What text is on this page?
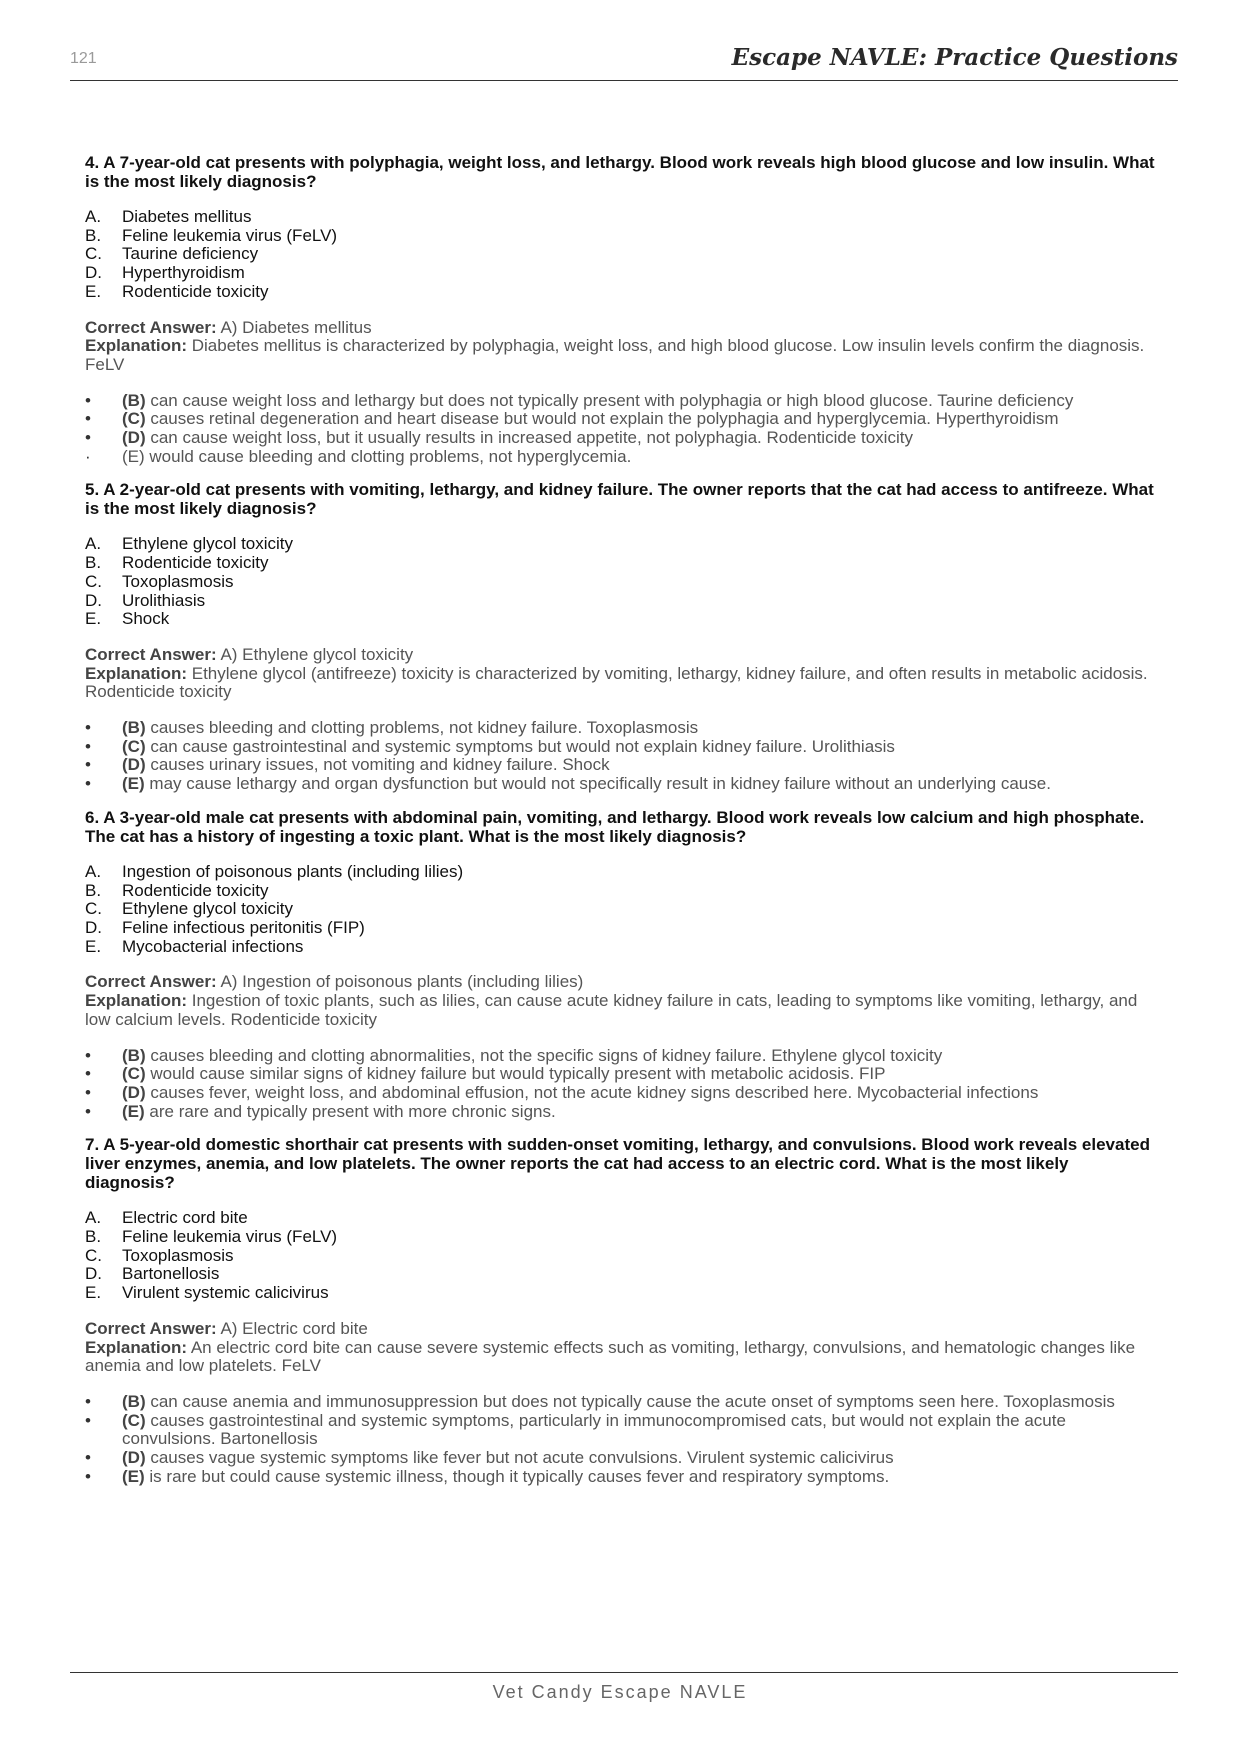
121	Escape NAVLE: Practice Questions

4. A 7-year-old cat presents with polyphagia, weight loss, and lethargy. Blood work reveals high blood glucose and low insulin. What is the most likely diagnosis?

A.	Diabetes mellitus
B.	Feline leukemia virus (FeLV)
C.	Taurine deficiency
D.	Hyperthyroidism
E.	Rodenticide toxicity
Correct Answer: A) Diabetes mellitus
Explanation: Diabetes mellitus is characterized by polyphagia, weight loss, and high blood glucose. Low insulin levels confirm the diagnosis. FeLV
•	(B) can cause weight loss and lethargy but does not typically present with polyphagia or high blood glucose. Taurine deficiency
•	(C) causes retinal degeneration and heart disease but would not explain the polyphagia and hyperglycemia. Hyperthyroidism
•	(D) can cause weight loss, but it usually results in increased appetite, not polyphagia. Rodenticide toxicity
·	(E) would cause bleeding and clotting problems, not hyperglycemia.

5. A 2-year-old cat presents with vomiting, lethargy, and kidney failure. The owner reports that the cat had access to antifreeze. What is the most likely diagnosis?

A.	Ethylene glycol toxicity
B.	Rodenticide toxicity
C.	Toxoplasmosis
D.	Urolithiasis
E.	Shock
Correct Answer: A) Ethylene glycol toxicity
Explanation: Ethylene glycol (antifreeze) toxicity is characterized by vomiting, lethargy, kidney failure, and often results in metabolic acidosis. Rodenticide toxicity
•	(B) causes bleeding and clotting problems, not kidney failure. Toxoplasmosis
•	(C) can cause gastrointestinal and systemic symptoms but would not explain kidney failure. Urolithiasis
•	(D) causes urinary issues, not vomiting and kidney failure. Shock
•	(E) may cause lethargy and organ dysfunction but would not specifically result in kidney failure without an underlying cause.

6. A 3-year-old male cat presents with abdominal pain, vomiting, and lethargy. Blood work reveals low calcium and high phosphate. The cat has a history of ingesting a toxic plant. What is the most likely diagnosis?

A.	Ingestion of poisonous plants (including lilies)
B.	Rodenticide toxicity
C.	Ethylene glycol toxicity
D.	Feline infectious peritonitis (FIP)
E.	Mycobacterial infections
Correct Answer: A) Ingestion of poisonous plants (including lilies)
Explanation: Ingestion of toxic plants, such as lilies, can cause acute kidney failure in cats, leading to symptoms like vomiting, lethargy, and low calcium levels. Rodenticide toxicity
•	(B) causes bleeding and clotting abnormalities, not the specific signs of kidney failure. Ethylene glycol toxicity
•	(C) would cause similar signs of kidney failure but would typically present with metabolic acidosis. FIP
•	(D) causes fever, weight loss, and abdominal effusion, not the acute kidney signs described here. Mycobacterial infections
•	(E) are rare and typically present with more chronic signs.

7. A 5-year-old domestic shorthair cat presents with sudden-onset vomiting, lethargy, and convulsions. Blood work reveals elevated liver enzymes, anemia, and low platelets. The owner reports the cat had access to an electric cord. What is the most likely diagnosis?

A.	Electric cord bite
B.	Feline leukemia virus (FeLV)
C.	Toxoplasmosis
D.	Bartonellosis
E.	Virulent systemic calicivirus
Correct Answer: A) Electric cord bite
Explanation: An electric cord bite can cause severe systemic effects such as vomiting, lethargy, convulsions, and hematologic changes like anemia and low platelets. FeLV
•	(B) can cause anemia and immunosuppression but does not typically cause the acute onset of symptoms seen here. Toxoplasmosis
•	(C) causes gastrointestinal and systemic symptoms, particularly in immunocompromised cats, but would not explain the acute convulsions. Bartonellosis
•	(D) causes vague systemic symptoms like fever but not acute convulsions. Virulent systemic calicivirus
•	(E) is rare but could cause systemic illness, though it typically causes fever and respiratory symptoms.
Vet Candy Escape NAVLE
